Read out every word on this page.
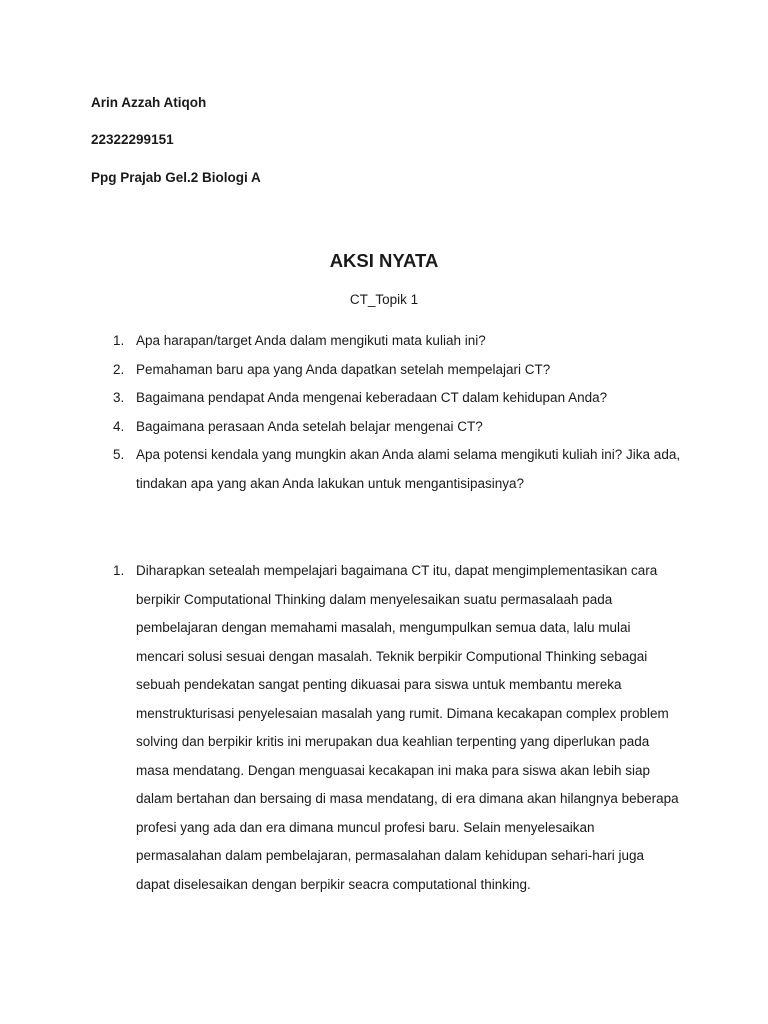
Arin Azzah Atiqoh
22322299151
Ppg Prajab Gel.2 Biologi A
AKSI NYATA
CT_Topik 1
1. Apa harapan/target Anda dalam mengikuti mata kuliah ini?
2. Pemahaman baru apa yang Anda dapatkan setelah mempelajari CT?
3. Bagaimana pendapat Anda mengenai keberadaan CT dalam kehidupan Anda?
4. Bagaimana perasaan Anda setelah belajar mengenai CT?
5. Apa potensi kendala yang mungkin akan Anda alami selama mengikuti kuliah ini? Jika ada, tindakan apa yang akan Anda lakukan untuk mengantisipasinya?
1. Diharapkan setealah mempelajari bagaimana CT itu, dapat mengimplementasikan cara berpikir Computational Thinking dalam menyelesaikan suatu permasalaah pada pembelajaran dengan memahami masalah, mengumpulkan semua data, lalu mulai mencari solusi sesuai dengan masalah. Teknik berpikir Computional Thinking sebagai sebuah pendekatan sangat penting dikuasai para siswa untuk membantu mereka menstrukturisasi penyelesaian masalah yang rumit. Dimana kecakapan complex problem solving dan berpikir kritis ini merupakan dua keahlian terpenting yang diperlukan pada masa mendatang. Dengan menguasai kecakapan ini maka para siswa akan lebih siap dalam bertahan dan bersaing di masa mendatang, di era dimana akan hilangnya beberapa profesi yang ada dan era dimana muncul profesi baru. Selain menyelesaikan permasalahan dalam pembelajaran, permasalahan dalam kehidupan sehari-hari juga dapat diselesaikan dengan berpikir seacra computational thinking.
